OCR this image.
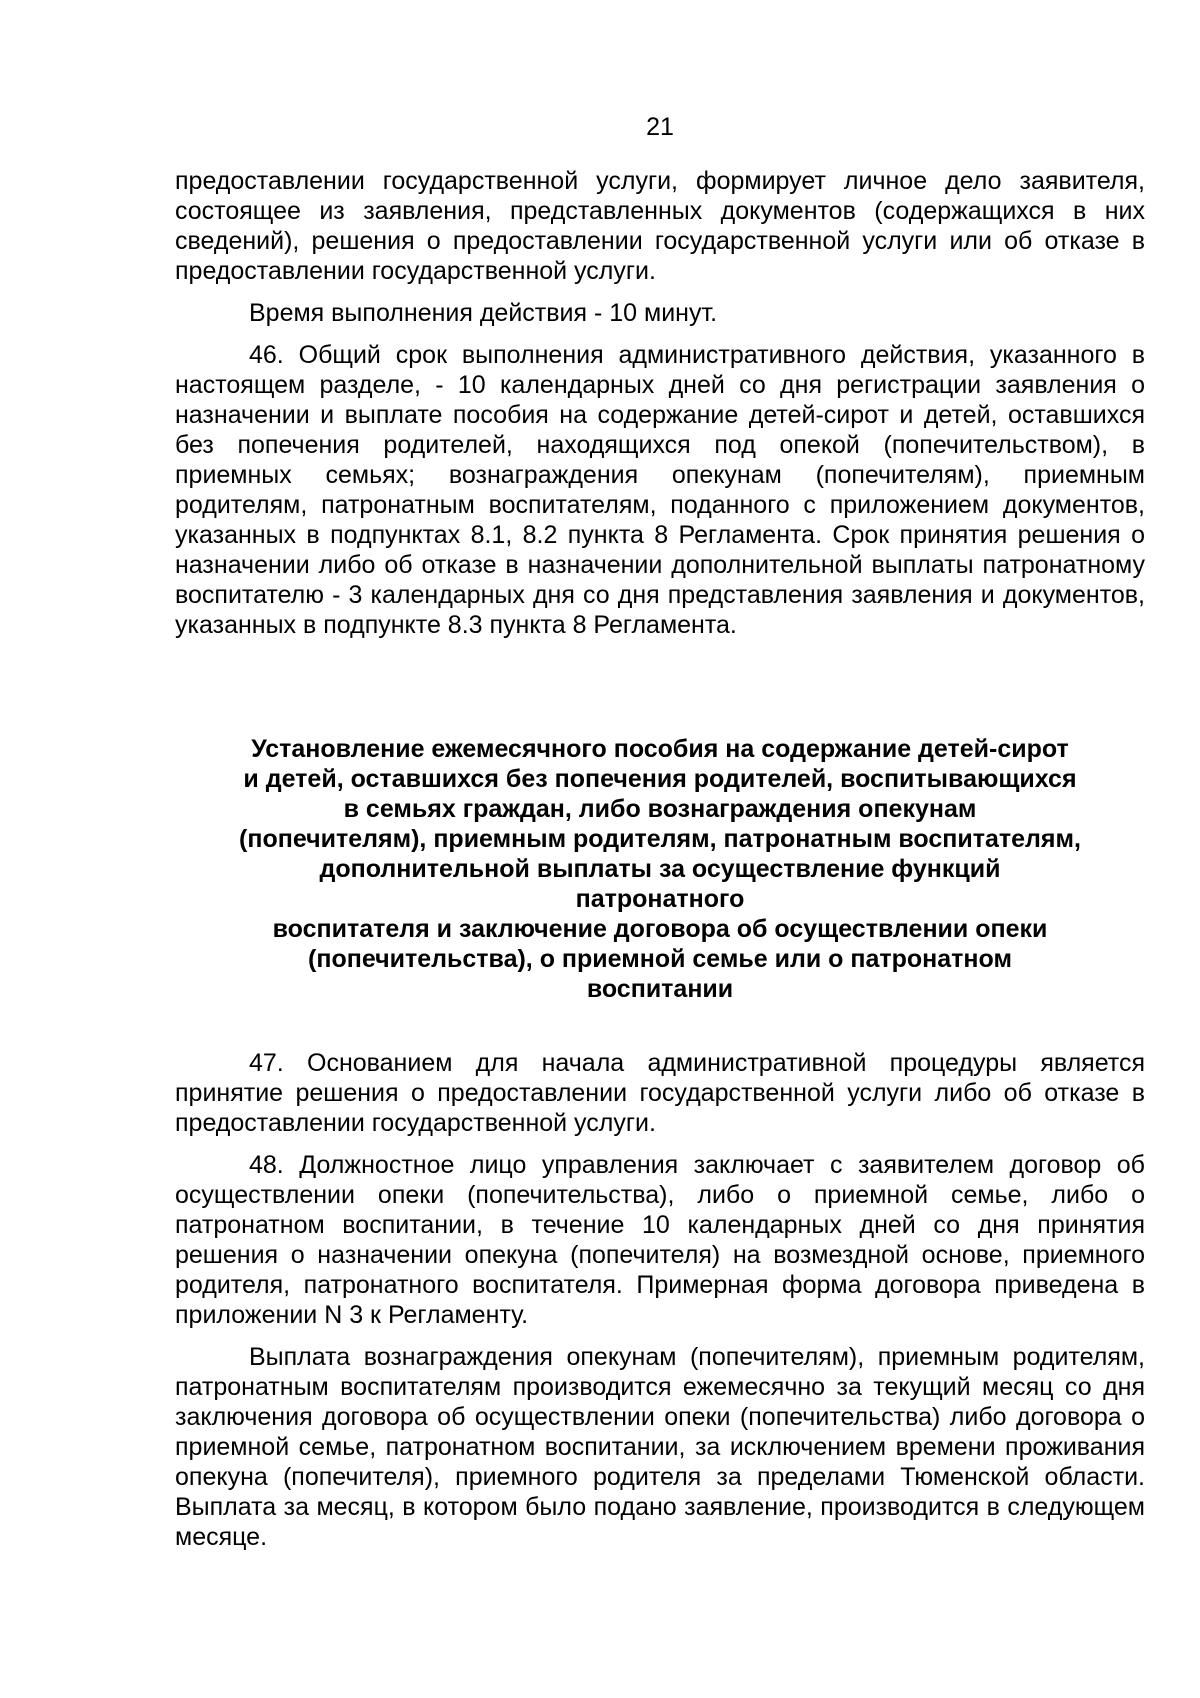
21

предоставлении государственной услуги, формирует личное дело заявителя, состоящее из заявления, представленных документов (содержащихся в них сведений), решения о предоставлении государственной услуги или об отказе в предоставлении государственной услуги.

Время выполнения действия - 10 минут.

46. Общий срок выполнения административного действия, указанного в настоящем разделе, - 10 календарных дней со дня регистрации заявления о назначении и выплате пособия на содержание детей-сирот и детей, оставшихся без попечения родителей, находящихся под опекой (попечительством), в приемных семьях; вознаграждения опекунам (попечителям), приемным родителям, патронатным воспитателям, поданного с приложением документов, указанных в подпунктах 8.1, 8.2 пункта 8 Регламента. Срок принятия решения о назначении либо об отказе в назначении дополнительной выплаты патронатному воспитателю - 3 календарных дня со дня представления заявления и документов, указанных в подпункте 8.3 пункта 8 Регламента.

Установление ежемесячного пособия на содержание детей-сирот
и детей, оставшихся без попечения родителей, воспитывающихся
в семьях граждан, либо вознаграждения опекунам
(попечителям), приемным родителям, патронатным воспитателям,
дополнительной выплаты за осуществление функций
патронатного
воспитателя и заключение договора об осуществлении опеки
(попечительства), о приемной семье или о патронатном
воспитании

47. Основанием для начала административной процедуры является принятие решения о предоставлении государственной услуги либо об отказе в предоставлении государственной услуги.

48. Должностное лицо управления заключает с заявителем договор об осуществлении опеки (попечительства), либо о приемной семье, либо о патронатном воспитании, в течение 10 календарных дней со дня принятия решения о назначении опекуна (попечителя) на возмездной основе, приемного родителя, патронатного воспитателя. Примерная форма договора приведена в приложении N 3 к Регламенту.

Выплата вознаграждения опекунам (попечителям), приемным родителям, патронатным воспитателям производится ежемесячно за текущий месяц со дня заключения договора об осуществлении опеки (попечительства) либо договора о приемной семье, патронатном воспитании, за исключением времени проживания опекуна (попечителя), приемного родителя за пределами Тюменской области. Выплата за месяц, в котором было подано заявление, производится в следующем месяце.
